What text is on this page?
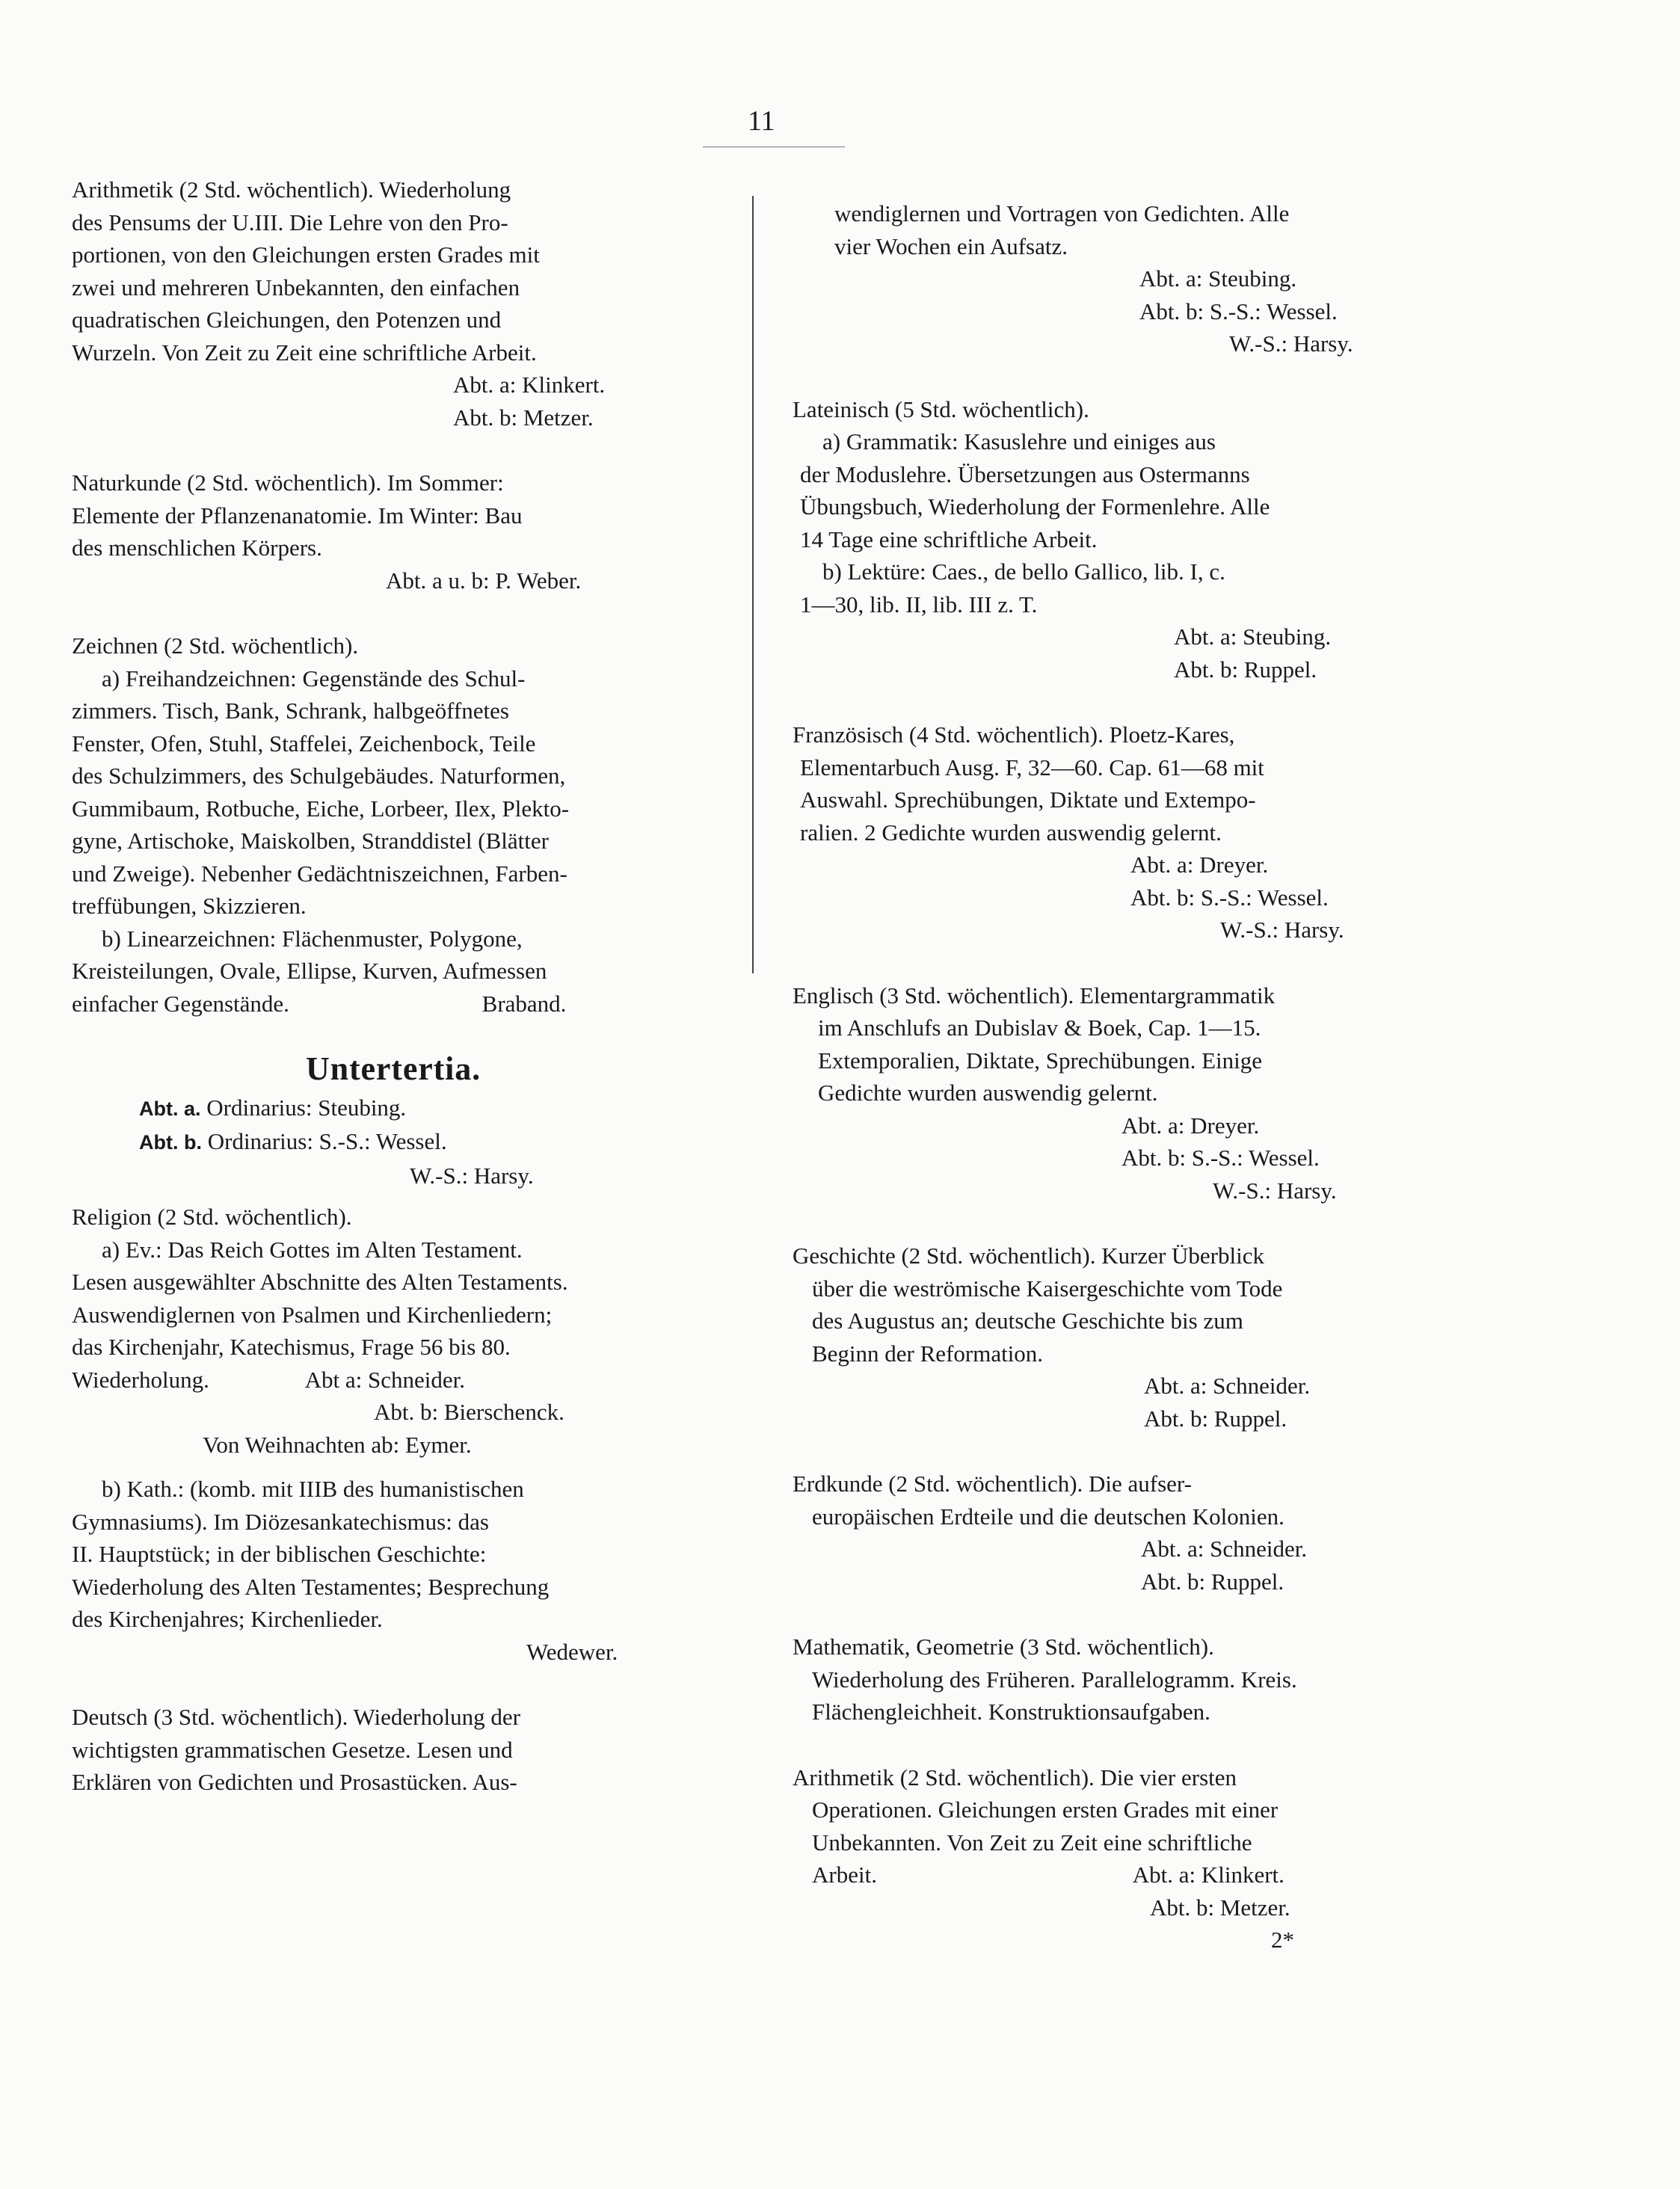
11
Arithmetik (2 Std. wöchentlich). Wiederholung
des Pensums der U.III. Die Lehre von den Pro-
portionen, von den Gleichungen ersten Grades mit
zwei und mehreren Unbekannten, den einfachen
quadratischen Gleichungen, den Potenzen und
Wurzeln. Von Zeit zu Zeit eine schriftliche Arbeit.
Abt. a: Klinkert.
Abt. b: Metzer.
Naturkunde (2 Std. wöchentlich). Im Sommer:
Elemente der Pflanzenanatomie. Im Winter: Bau
des menschlichen Körpers.
Abt. a u. b: P. Weber.
Zeichnen (2 Std. wöchentlich).
a) Freihandzeichnen: Gegenstände des Schul-
zimmers. Tisch, Bank, Schrank, halbgeöffnetes
Fenster, Ofen, Stuhl, Staffelei, Zeichenbock, Teile
des Schulzimmers, des Schulgebäudes. Naturformen,
Gummibaum, Rotbuche, Eiche, Lorbeer, Ilex, Plekto-
gyne, Artischoke, Maiskolben, Stranddistel (Blätter
und Zweige). Nebenher Gedächtniszeichnen, Farben-
treffübungen, Skizzieren.
b) Linearzeichnen: Flächenmuster, Polygone,
Kreisteilungen, Ovale, Ellipse, Kurven, Aufmessen
einfacher Gegenstände.	Braband.
Untertertia.
Abt. a. Ordinarius: Steubing.
Abt. b. Ordinarius: S.-S.: Wessel.
W.-S.: Harsy.
Religion (2 Std. wöchentlich).
a) Ev.: Das Reich Gottes im Alten Testament.
Lesen ausgewählter Abschnitte des Alten Testaments.
Auswendiglernen von Psalmen und Kirchenliedern;
das Kirchenjahr, Katechismus, Frage 56 bis 80.
Wiederholung.	Abt a: Schneider.
Abt. b: Bierschenck.
Von Weihnachten ab: Eymer.
b) Kath.: (komb. mit IIIB des humanistischen
Gymnasiums). Im Diözesankatechismus: das
II. Hauptstück; in der biblischen Geschichte:
Wiederholung des Alten Testamentes; Besprechung
des Kirchenjahres; Kirchenlieder.
Wedewer.
Deutsch (3 Std. wöchentlich). Wiederholung der
wichtigsten grammatischen Gesetze. Lesen und
Erklären von Gedichten und Prosastücken. Aus-
wendiglernen und Vortragen von Gedichten. Alle
vier Wochen ein Aufsatz.
Abt. a: Steubing.
Abt. b: S.-S.: Wessel.
W.-S.: Harsy.
Lateinisch (5 Std. wöchentlich).
a) Grammatik: Kasuslehre und einiges aus
der Moduslehre. Übersetzungen aus Ostermanns
Übungsbuch, Wiederholung der Formenlehre. Alle
14 Tage eine schriftliche Arbeit.
b) Lektüre: Caes., de bello Gallico, lib. I, c.
1—30, lib. II, lib. III z. T.
Abt. a: Steubing.
Abt. b: Ruppel.
Französisch (4 Std. wöchentlich). Ploetz-Kares,
Elementarbuch Ausg. F, 32—60. Cap. 61—68 mit
Auswahl. Sprechübungen, Diktate und Extempo-
ralien. 2 Gedichte wurden auswendig gelernt.
Abt. a: Dreyer.
Abt. b: S.-S.: Wessel.
W.-S.: Harsy.
Englisch (3 Std. wöchentlich). Elementargrammatik
im Anschlufs an Dubislav & Boek, Cap. 1—15.
Extemporalien, Diktate, Sprechübungen. Einige
Gedichte wurden auswendig gelernt.
Abt. a: Dreyer.
Abt. b: S.-S.: Wessel.
W.-S.: Harsy.
Geschichte (2 Std. wöchentlich). Kurzer Überblick
über die weströmische Kaisergeschichte vom Tode
des Augustus an; deutsche Geschichte bis zum
Beginn der Reformation.
Abt. a: Schneider.
Abt. b: Ruppel.
Erdkunde (2 Std. wöchentlich). Die aufser-
europäischen Erdteile und die deutschen Kolonien.
Abt. a: Schneider.
Abt. b: Ruppel.
Mathematik, Geometrie (3 Std. wöchentlich).
Wiederholung des Früheren. Parallelogramm. Kreis.
Flächengleichheit. Konstruktionsaufgaben.
Arithmetik (2 Std. wöchentlich). Die vier ersten
Operationen. Gleichungen ersten Grades mit einer
Unbekannten. Von Zeit zu Zeit eine schriftliche
Arbeit.	Abt. a: Klinkert.
Abt. b: Metzer.
2*
